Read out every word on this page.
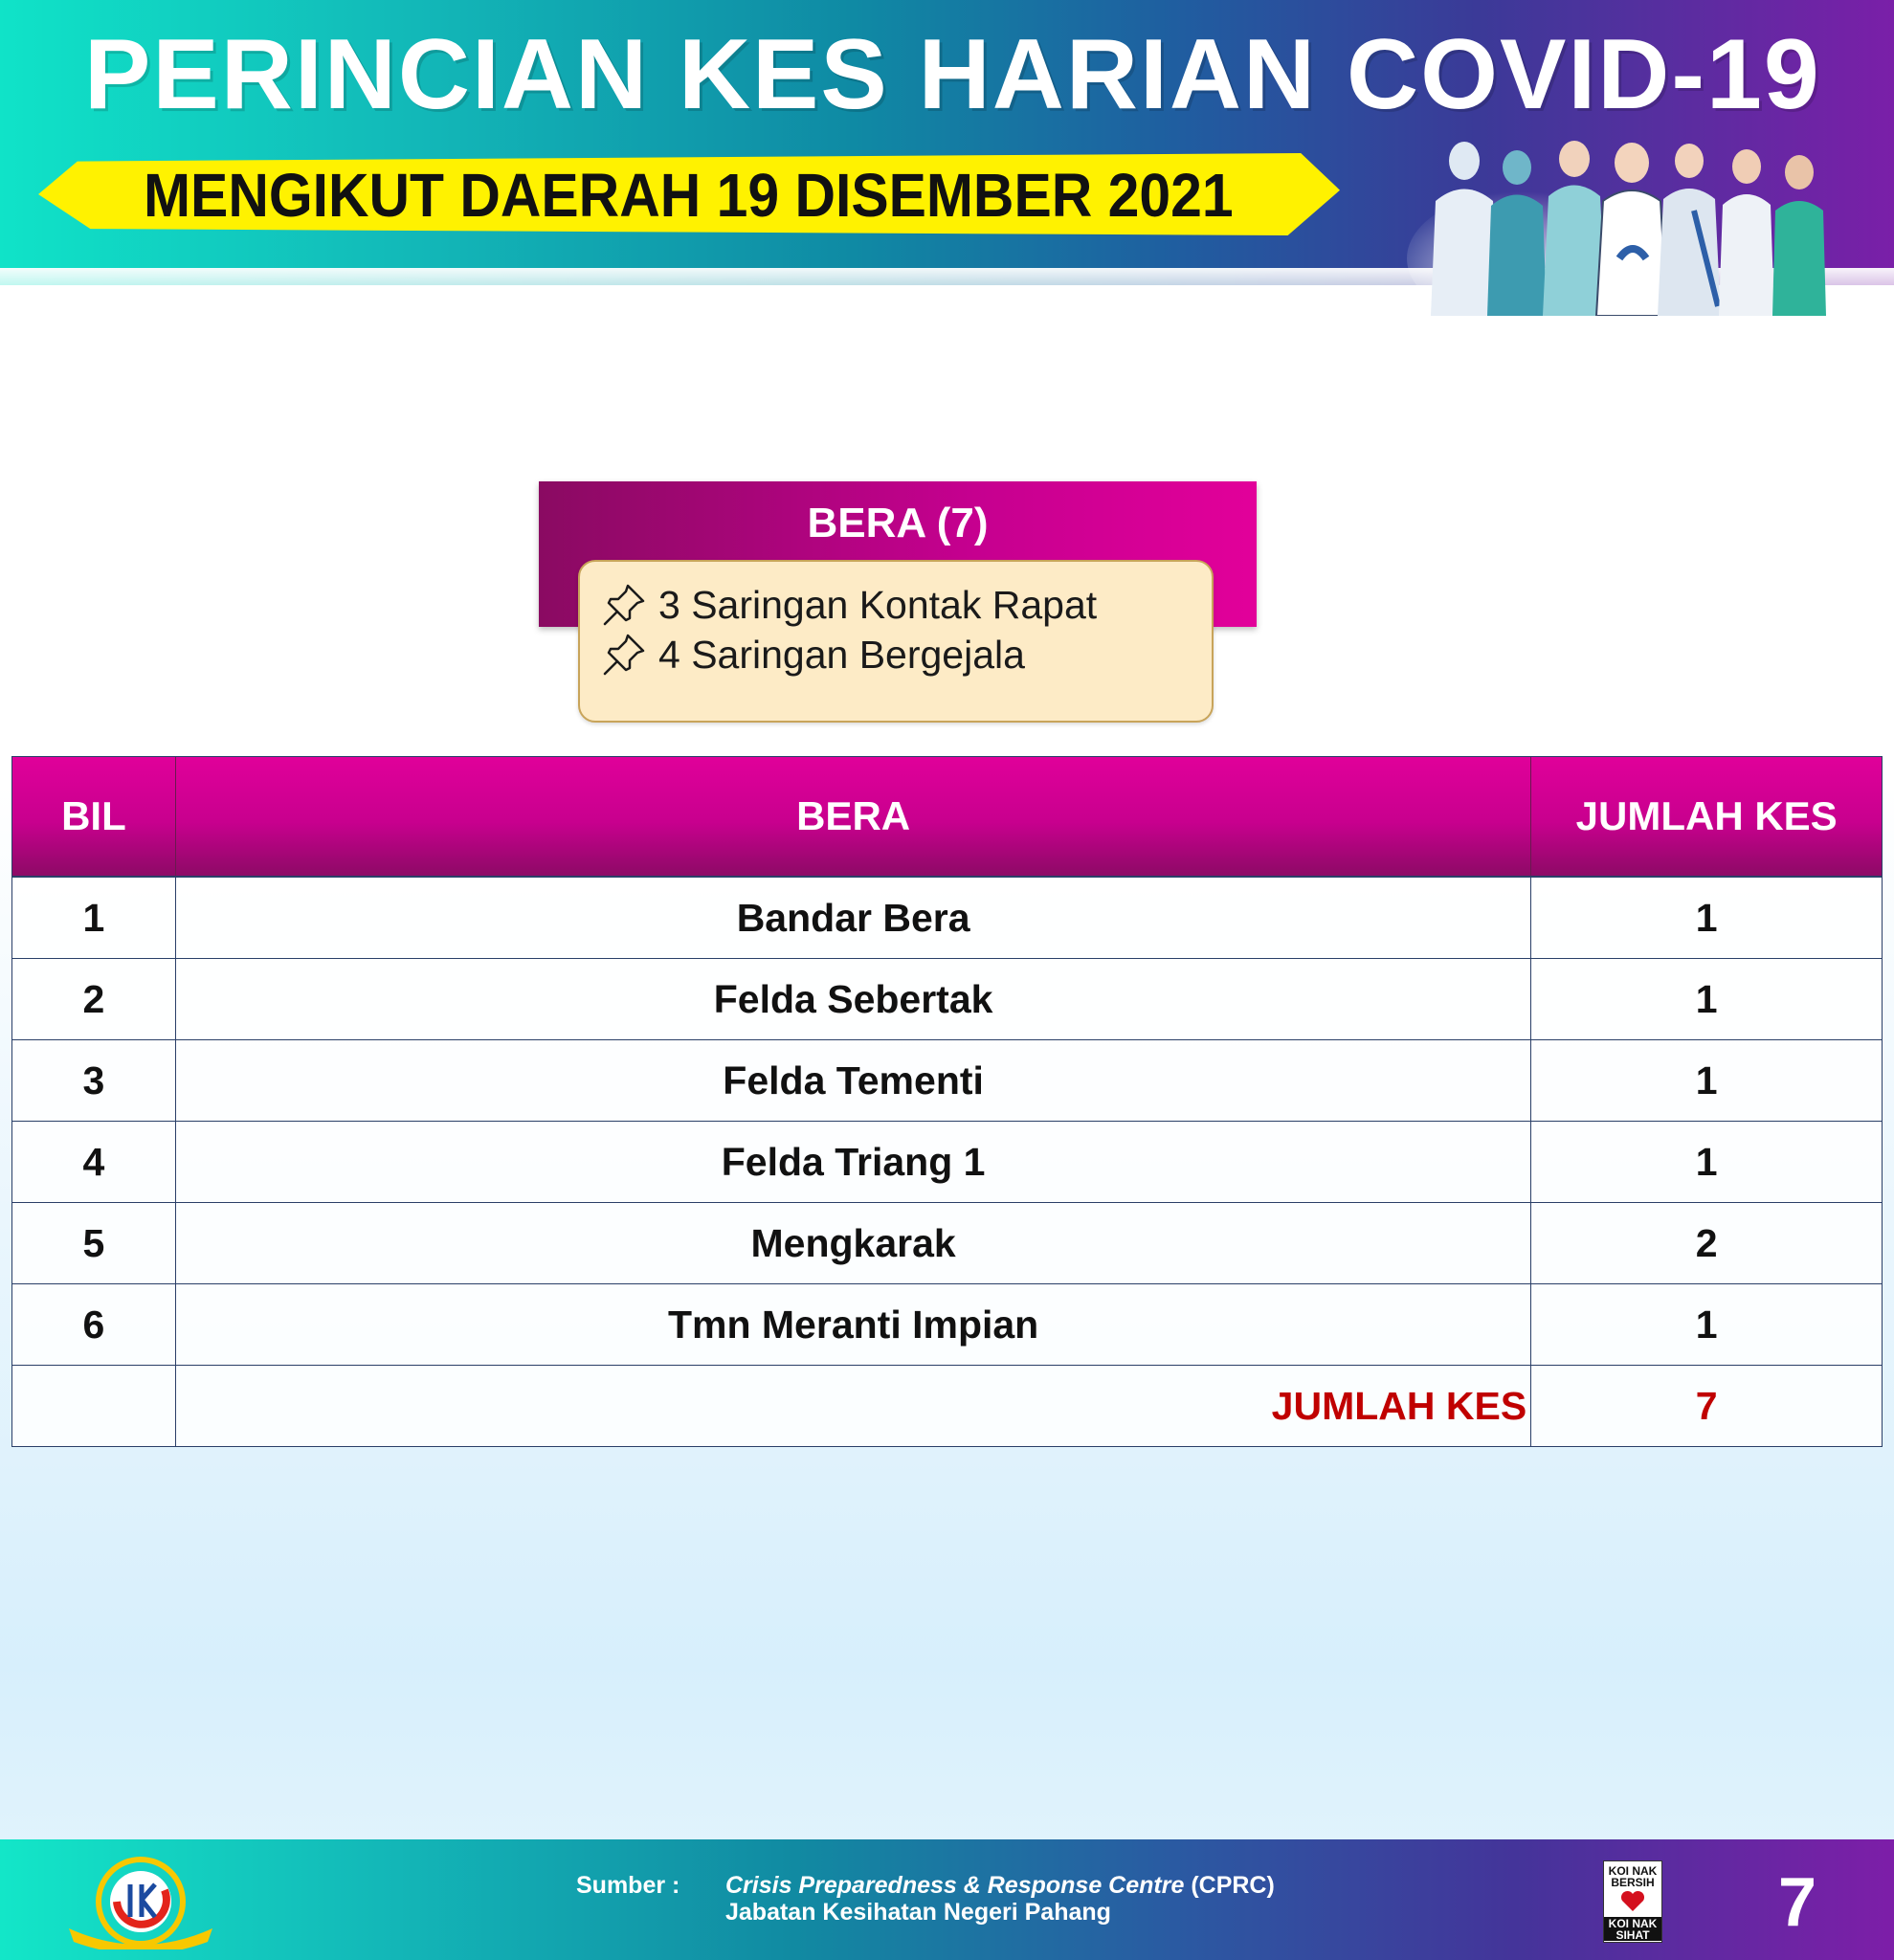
PERINCIAN KES HARIAN COVID-19
MENGIKUT DAERAH 19 DISEMBER 2021
BERA (7)
3 Saringan Kontak Rapat
4 Saringan Bergejala
BIL	BERA	JUMLAH KES
1	Bandar Bera	1
2	Felda Sebertak	1
3	Felda Tementi	1
4	Felda Triang 1	1
5	Mengkarak	2
6	Tmn Meranti Impian	1
JUMLAH KES	7
Sumber : Crisis Preparedness & Response Centre (CPRC)
Jabatan Kesihatan Negeri Pahang
KOI NAK BERSIH
KOI NAK SIHAT 7
